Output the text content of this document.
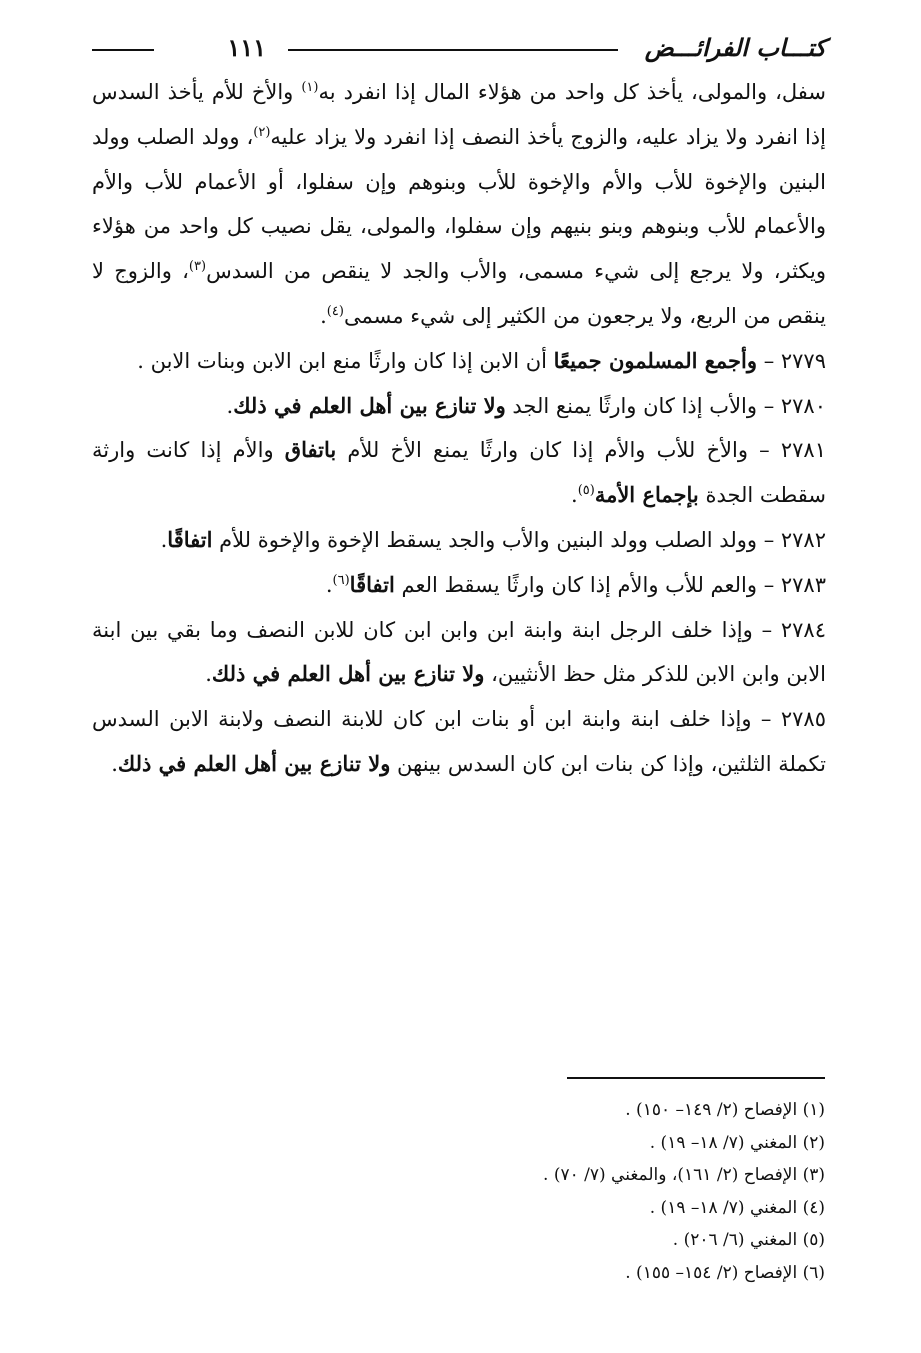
كتـــاب الفرائـــض
١١١

سفل، والمولى، يأخذ كل واحد من هؤلاء المال إذا انفرد به$^{(١)}$ والأخ للأم يأخذ السدس إذا انفرد ولا يزاد عليه، والزوج يأخذ النصف إذا انفرد ولا يزاد عليه$^{(٢)}$، وولد الصلب وولد البنين والإخوة للأب والأم والإخوة للأب وبنوهم وإن سفلوا، أو الأعمام للأب والأم والأعمام للأب وبنوهم وبنو بنيهم وإن سفلوا، والمولى، يقل نصيب كل واحد من هؤلاء ويكثر، ولا يرجع إلى شيء مسمى، والأب والجد لا ينقص من السدس$^{(٣)}$، والزوج لا ينقص من الربع، ولا يرجعون من الكثير إلى شيء مسمى$^{(٤)}$.

٢٧٧٩ – وأجمع المسلمون جميعًا أن الابن إذا كان وارثًا منع ابن الابن وبنات الابن .

٢٧٨٠ – والأب إذا كان وارثًا يمنع الجد ولا تنازع بين أهل العلم في ذلك.

٢٧٨١ – والأخ للأب والأم إذا كان وارثًا يمنع الأخ للأم باتفاق والأم إذا كانت وارثة سقطت الجدة بإجماع الأمة$^{(٥)}$.

٢٧٨٢ – وولد الصلب وولد البنين والأب والجد يسقط الإخوة والإخوة للأم اتفاقًا.

٢٧٨٣ – والعم للأب والأم إذا كان وارثًا يسقط العم اتفاقًا$^{(٦)}$.

٢٧٨٤ – وإذا خلف الرجل ابنة وابنة ابن وابن ابن كان للابن النصف وما بقي بين ابنة الابن وابن الابن للذكر مثل حظ الأنثيين، ولا تنازع بين أهل العلم في ذلك.

٢٧٨٥ – وإذا خلف ابنة وابنة ابن أو بنات ابن كان للابنة النصف ولابنة الابن السدس تكملة الثلثين، وإذا كن بنات ابن كان السدس بينهن ولا تنازع بين أهل العلم في ذلك.

(١) الإفصاح (٢/ ١٤٩– ١٥٠) .
(٢) المغني (٧/ ١٨– ١٩) .
(٣) الإفصاح (٢/ ١٦١)، والمغني (٧/ ٧٠) .
(٤) المغني (٧/ ١٨– ١٩) .
(٥) المغني (٦/ ٢٠٦) .
(٦) الإفصاح (٢/ ١٥٤– ١٥٥) .
